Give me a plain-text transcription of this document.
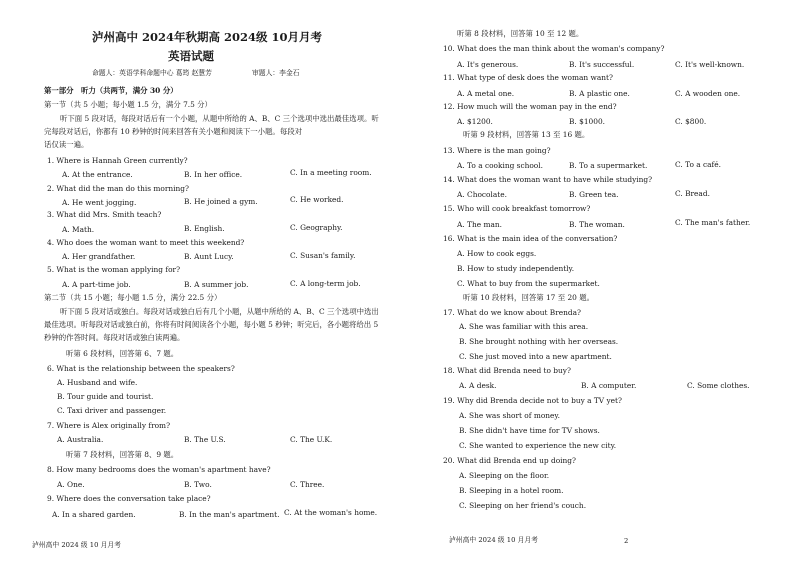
泸州高中 2024年秋期高 2024级 10月月考
英语试题
命题人：英语学科命题中心 葛筠 赵慧芳	审题人：李金石
第一部分　听力（共两节，满分 30 分）
第一节（共 5 小题；每小题 1.5 分，满分 7.5 分）
听下面 5 段对话，每段对话后有一个小题，从题中所给的 A、B、C 三个选项中选出最佳选项。听完每段对话后，你都有 10 秒钟的时间来回答有关小题和阅读下一小题。每段对
话仅读一遍。
1. Where is Hannah Green currently?
A. At the entrance.	B. In her office.	C. In a meeting room.
2. What did the man do this morning?
A. He went jogging.	B. He joined a gym.	C. He worked.
3. What did Mrs. Smith teach?
A. Math.	B. English.	C. Geography.
4. Who does the woman want to meet this weekend?
A. Her grandfather.	B. Aunt Lucy.	C. Susan's family.
5. What is the woman applying for?
A. A part-time job.	B. A summer job.	C. A long-term job.
第二节（共 15 小题；每小题 1.5 分，满分 22.5 分）
听下面 5 段对话或独白。每段对话或独白后有几个小题，从题中所给的 A、B、C 三个选项中选出最佳选项。听每段对话或独白前，你将有时间阅读各个小题，每小题 5 秒钟；听完后，各小题将给出 5 秒钟的作答时间。每段对话或独白读两遍。
听第 6 段材料，回答第 6、7 题。
6. What is the relationship between the speakers?
A. Husband and wife.
B. Tour guide and tourist.
C. Taxi driver and passenger.
7. Where is Alex originally from?
A. Australia.	B. The U.S.	C. The U.K.
听第 7 段材料，回答第 8、9 题。
8. How many bedrooms does the woman's apartment have?
A. One.	B. Two.	C. Three.
9. Where does the conversation take place?
A. In a shared garden.	B. In the man's apartment. C. At the woman's home.
泸州高中 2024 级 10 月月考
听第 8 段材料，回答第 10 至 12 题。
10. What does the man think about the woman's company?
A. It's generous.	B. It's successful.	C. It's well-known.
11. What type of desk does the woman want?
A. A metal one.	B. A plastic one.	C. A wooden one.
12. How much will the woman pay in the end?
A. $1200.	B. $1000.	C. $800.
听第 9 段材料，回答第 13 至 16 题。
13. Where is the man going?
A. To a cooking school.	B. To a supermarket.	C. To a café.
14. What does the woman want to have while studying?
A. Chocolate.	B. Green tea.	C. Bread.
15. Who will cook breakfast tomorrow?
A. The man.	B. The woman.	C. The man's father.
16. What is the main idea of the conversation?
A. How to cook eggs.
B. How to study independently.
C. What to buy from the supermarket.
听第 10 段材料，回答第 17 至 20 题。
17. What do we know about Brenda?
A. She was familiar with this area.
B. She brought nothing with her overseas.
C. She just moved into a new apartment.
18. What did Brenda need to buy?
A. A desk.	B. A computer.	C. Some clothes.
19. Why did Brenda decide not to buy a TV yet?
A. She was short of money.
B. She didn't have time for TV shows.
C. She wanted to experience the new city.
20. What did Brenda end up doing?
A. Sleeping on the floor.
B. Sleeping in a hotel room.
C. Sleeping on her friend's couch.
泸州高中 2024 级 10 月月考	2
